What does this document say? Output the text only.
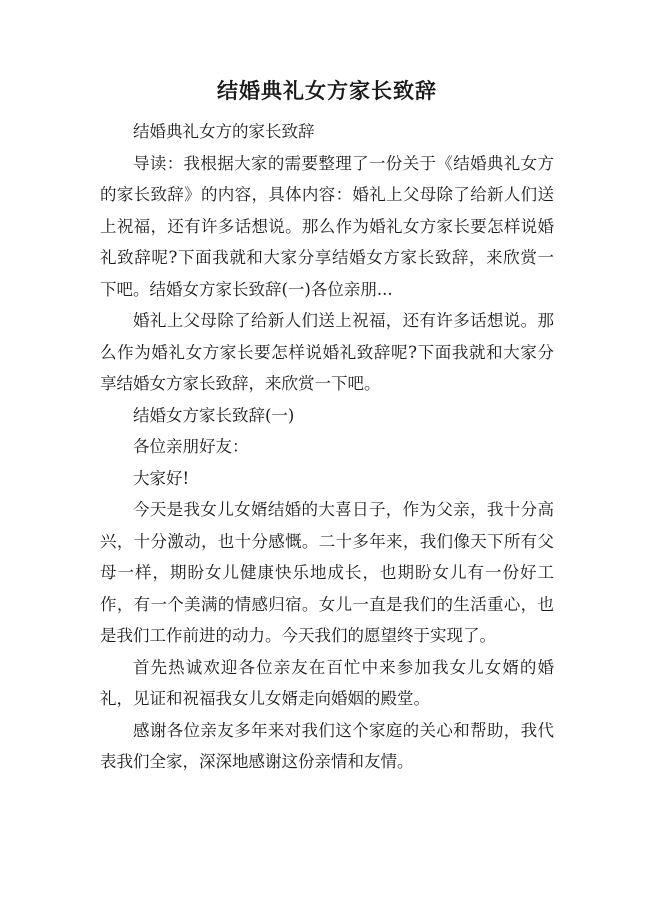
结婚典礼女方家长致辞

结婚典礼女方的家长致辞

导读：我根据大家的需要整理了一份关于《结婚典礼女方的家长致辞》的内容，具体内容：婚礼上父母除了给新人们送上祝福，还有许多话想说。那么作为婚礼女方家长要怎样说婚礼致辞呢?下面我就和大家分享结婚女方家长致辞，来欣赏一下吧。结婚女方家长致辞(一)各位亲朋...

婚礼上父母除了给新人们送上祝福，还有许多话想说。那么作为婚礼女方家长要怎样说婚礼致辞呢?下面我就和大家分享结婚女方家长致辞，来欣赏一下吧。

结婚女方家长致辞(一)

各位亲朋好友：

大家好!

今天是我女儿女婿结婚的大喜日子，作为父亲，我十分高兴，十分激动，也十分感慨。二十多年来，我们像天下所有父母一样，期盼女儿健康快乐地成长，也期盼女儿有一份好工作，有一个美满的情感归宿。女儿一直是我们的生活重心，也是我们工作前进的动力。今天我们的愿望终于实现了。

首先热诚欢迎各位亲友在百忙中来参加我女儿女婿的婚礼，见证和祝福我女儿女婿走向婚姻的殿堂。

感谢各位亲友多年来对我们这个家庭的关心和帮助，我代表我们全家，深深地感谢这份亲情和友情。
